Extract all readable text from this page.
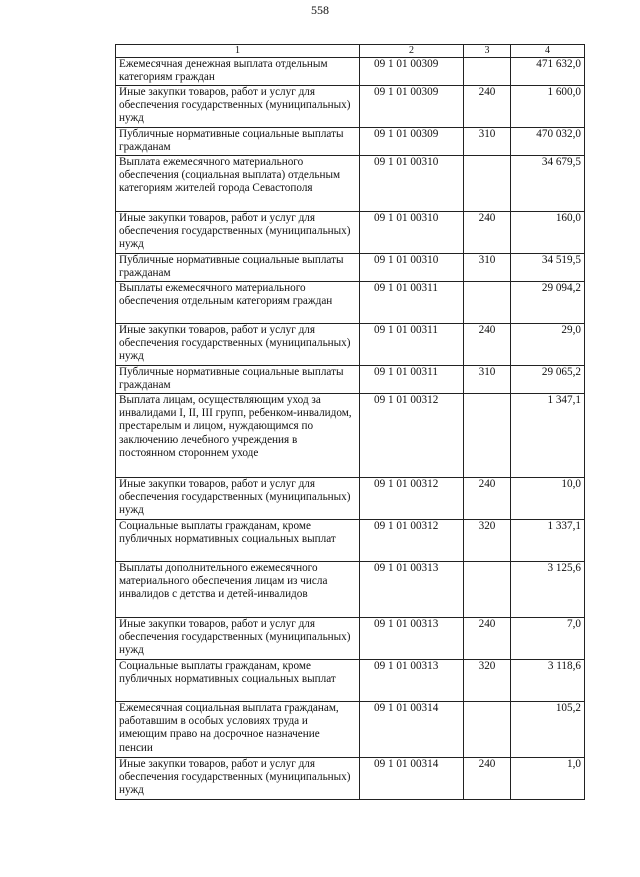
558
1	2	3	4
Ежемесячная денежная выплата отдельным категориям граждан	09 1 01 00309		471 632,0
Иные закупки товаров, работ и услуг для обеспечения государственных (муниципальных) нужд	09 1 01 00309	240	1 600,0
Публичные нормативные социальные выплаты гражданам	09 1 01 00309	310	470 032,0
Выплата ежемесячного материального обеспечения (социальная выплата) отдельным категориям жителей города Севастополя	09 1 01 00310		34 679,5
Иные закупки товаров, работ и услуг для обеспечения государственных (муниципальных) нужд	09 1 01 00310	240	160,0
Публичные нормативные социальные выплаты гражданам	09 1 01 00310	310	34 519,5
Выплаты ежемесячного материального обеспечения отдельным категориям граждан	09 1 01 00311		29 094,2
Иные закупки товаров, работ и услуг для обеспечения государственных (муниципальных) нужд	09 1 01 00311	240	29,0
Публичные нормативные социальные выплаты гражданам	09 1 01 00311	310	29 065,2
Выплата лицам, осуществляющим уход за инвалидами I, II, III групп, ребенком-инвалидом, престарелым и лицом, нуждающимся по заключению лечебного учреждения в постоянном стороннем уходе	09 1 01 00312		1 347,1
Иные закупки товаров, работ и услуг для обеспечения государственных (муниципальных) нужд	09 1 01 00312	240	10,0
Социальные выплаты гражданам, кроме публичных нормативных социальных выплат	09 1 01 00312	320	1 337,1
Выплаты дополнительного ежемесячного материального обеспечения лицам из числа инвалидов с детства и детей-инвалидов	09 1 01 00313		3 125,6
Иные закупки товаров, работ и услуг для обеспечения государственных (муниципальных) нужд	09 1 01 00313	240	7,0
Социальные выплаты гражданам, кроме публичных нормативных социальных выплат	09 1 01 00313	320	3 118,6
Ежемесячная социальная выплата гражданам, работавшим в особых условиях труда и имеющим право на досрочное назначение пенсии	09 1 01 00314		105,2
Иные закупки товаров, работ и услуг для обеспечения государственных (муниципальных) нужд	09 1 01 00314	240	1,0
